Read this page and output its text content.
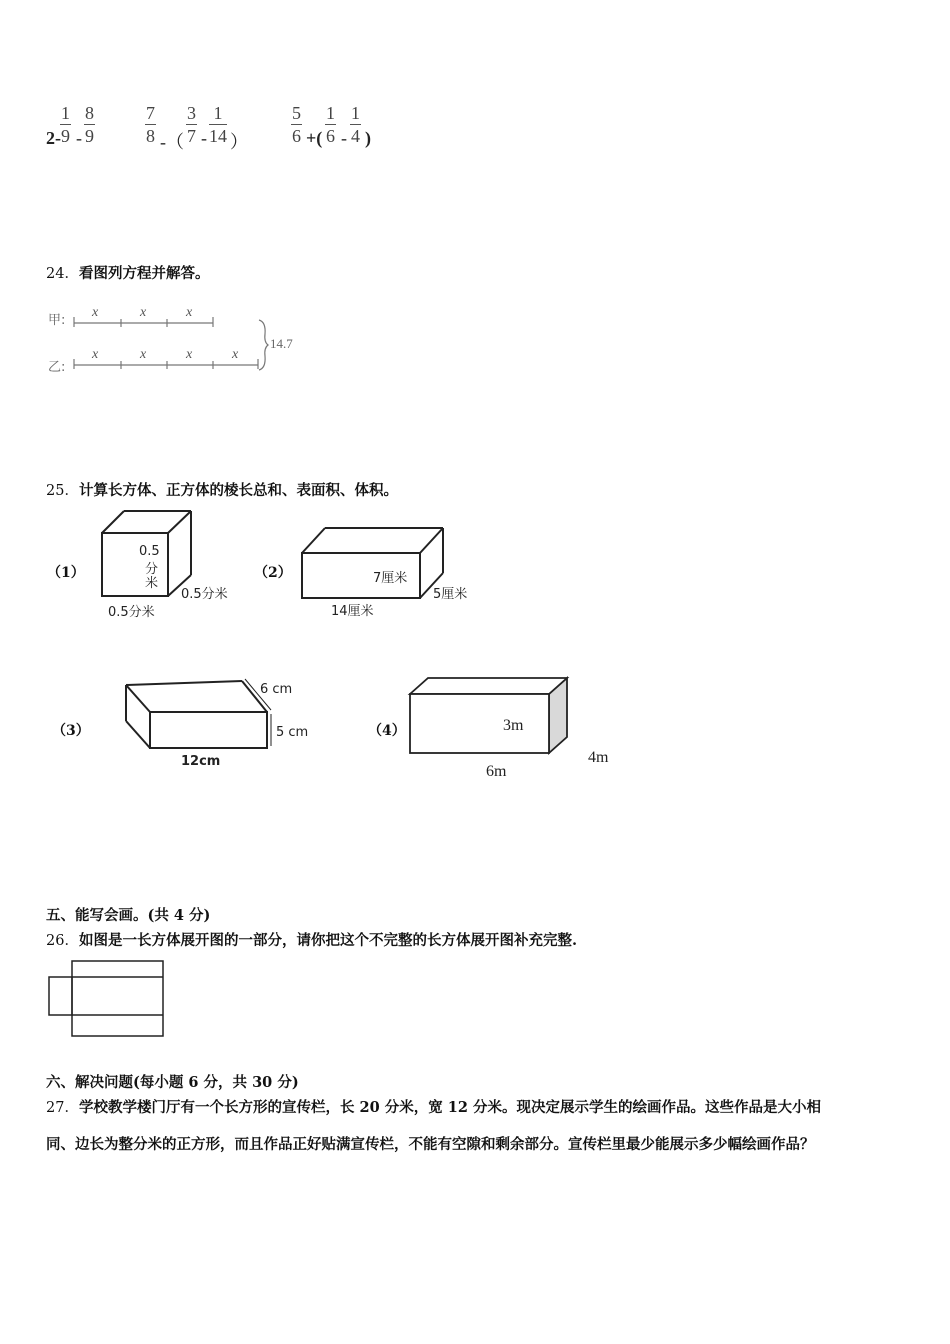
$2- \frac{1}{9} - \frac{8}{9}$	$\frac{7}{8}$ -（ $\frac{3}{7} - \frac{1}{14}$ ） $\frac{5}{6}$ +( $\frac{1}{6} - \frac{1}{4}$ )
24．看图列方程并解答。
甲:
乙:
x	x	x
x	x	x	x
14.7
25．计算长方体、正方体的棱长总和、表面积、体积。
（1）
0.5
分
米
0.5分米
0.5分米
（2）	7厘米
5厘米
14厘米
（3）
6 cm
5 cm
12cm
（4）	3m
6m
4m
五、能写会画。(共 4 分)
26．如图是一长方体展开图的一部分，请你把这个不完整的长方体展开图补充完整.
六、解决问题(每小题 6 分，共 30 分)
27．学校教学楼门厅有一个长方形的宣传栏，长 20 分米，宽 12 分米。现决定展示学生的绘画作品。这些作品是大小相
同、边长为整分米的正方形，而且作品正好贴满宣传栏，不能有空隙和剩余部分。宣传栏里最少能展示多少幅绘画作品？
